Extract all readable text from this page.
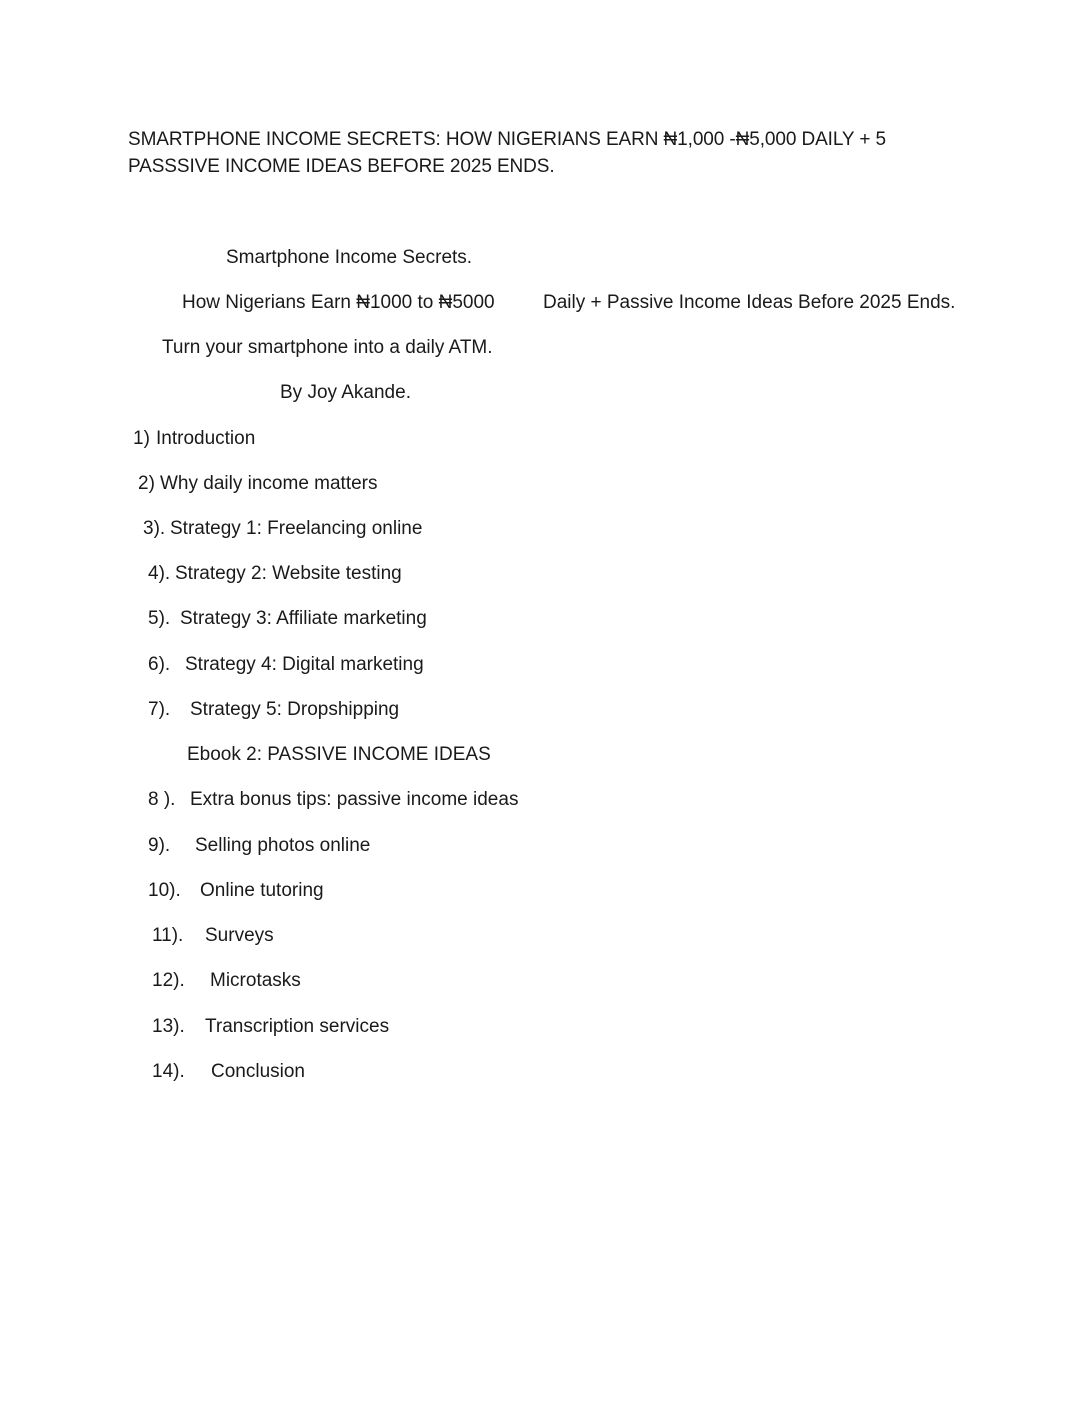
SMARTPHONE INCOME SECRETS: HOW NIGERIANS EARN ₦1,000 -₦5,000 DAILY + 5
PASSSIVE INCOME IDEAS BEFORE 2025 ENDS.
Smartphone Income Secrets.
How Nigerians Earn ₦1000 to ₦5000	Daily + Passive Income Ideas Before 2025 Ends.
Turn your smartphone into a daily ATM.
By Joy Akande.
1) Introduction
2) Why daily income matters
3). Strategy 1: Freelancing online
4). Strategy 2: Website testing
5). Strategy 3: Affiliate marketing
6). Strategy 4: Digital marketing
7). Strategy 5: Dropshipping
Ebook 2: PASSIVE INCOME IDEAS
8 ). Extra bonus tips: passive income ideas
9). Selling photos online
10). Online tutoring
11). Surveys
12). Microtasks
13). Transcription services
14). Conclusion
